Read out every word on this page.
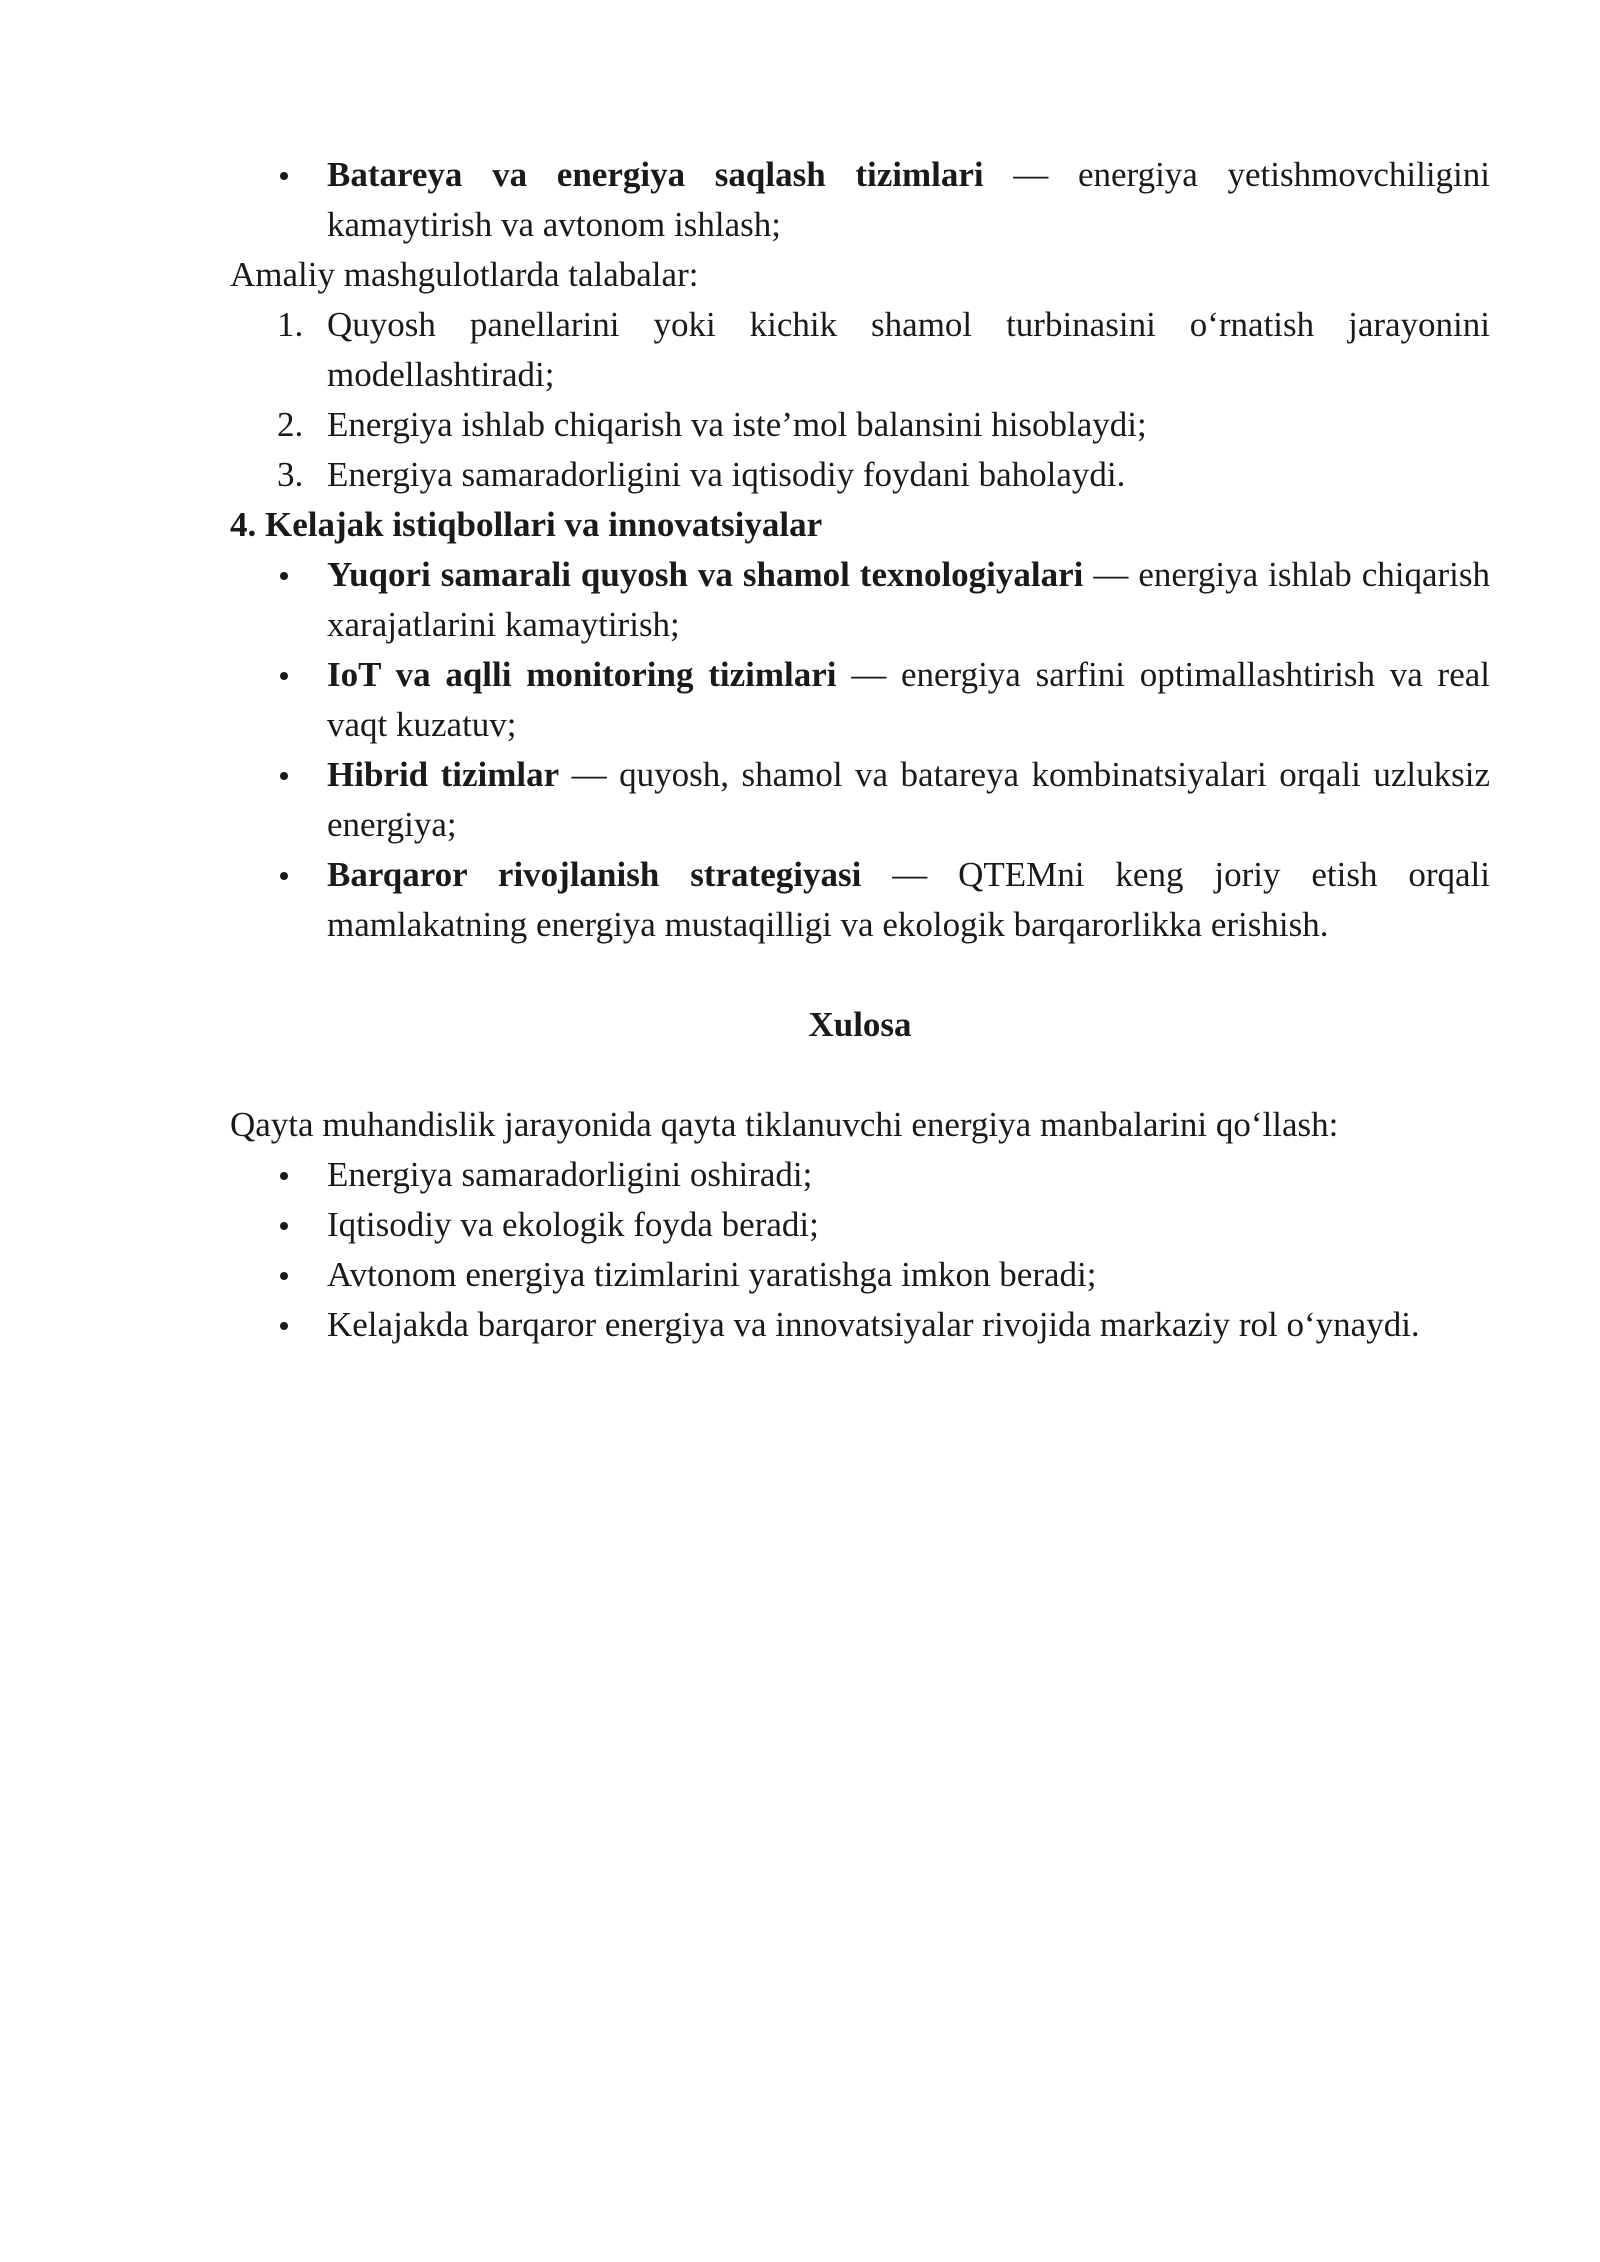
Batareya va energiya saqlash tizimlari — energiya yetishmovchiligini kamaytirish va avtonom ishlash;
Amaliy mashgulotlarda talabalar:
1. Quyosh panellarini yoki kichik shamol turbinasini o‘rnatish jarayonini modellashtiradi;
2. Energiya ishlab chiqarish va iste’mol balansini hisoblaydi;
3. Energiya samaradorligini va iqtisodiy foydani baholaydi.
4. Kelajak istiqbollari va innovatsiyalar
Yuqori samarali quyosh va shamol texnologiyalari — energiya ishlab chiqarish xarajatlarini kamaytirish;
IoT va aqlli monitoring tizimlari — energiya sarfini optimallashtirish va real vaqt kuzatuv;
Hibrid tizimlar — quyosh, shamol va batareya kombinatsiyalari orqali uzluksiz energiya;
Barqaror rivojlanish strategiyasi — QTEMni keng joriy etish orqali mamlakatning energiya mustaqilligi va ekologik barqarorlikka erishish.
Xulosa
Qayta muhandislik jarayonida qayta tiklanuvchi energiya manbalarini qo‘llash:
Energiya samaradorligini oshiradi;
Iqtisodiy va ekologik foyda beradi;
Avtonom energiya tizimlarini yaratishga imkon beradi;
Kelajakda barqaror energiya va innovatsiyalar rivojida markaziy rol o‘ynaydi.
